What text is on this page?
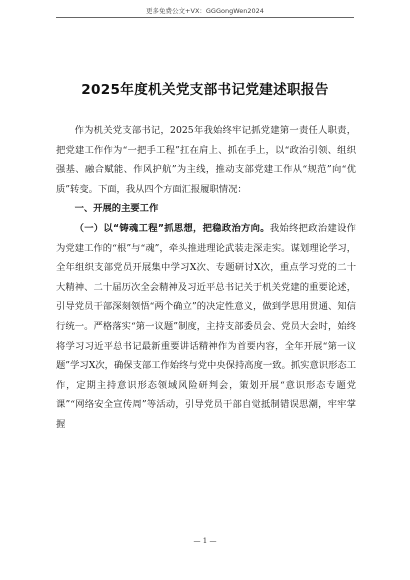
更多免费公文+VX：GGGongWen2024
2025年度机关党支部书记党建述职报告

作为机关党支部书记，2025年我始终牢记抓党建第一责任人职责，把党建工作作为“一把手工程”扛在肩上、抓在手上，以“政治引领、组织强基、融合赋能、作风护航”为主线，推动支部党建工作从“规范”向“优质”转变。下面，我从四个方面汇报履职情况：

一、开展的主要工作

（一）以“铸魂工程”抓思想，把稳政治方向。我始终把政治建设作为党建工作的“根”与“魂”，牵头推进理论武装走深走实。谋划理论学习，全年组织支部党员开展集中学习X次、专题研讨X次，重点学习党的二十大精神、二十届历次全会精神及习近平总书记关于机关党建的重要论述，引导党员干部深刻领悟“两个确立”的决定性意义，做到学思用贯通、知信行统一。严格落实“第一议题”制度，主持支部委员会、党员大会时，始终将学习习近平总书记最新重要讲话精神作为首要内容，全年开展“第一议题”学习X次，确保支部工作始终与党中央保持高度一致。抓实意识形态工作，定期主持意识形态领域风险研判会，策划开展“意识形态专题党课”“网络安全宣传周”等活动，引导党员干部自觉抵制错误思潮，牢牢掌握

— 1 —
